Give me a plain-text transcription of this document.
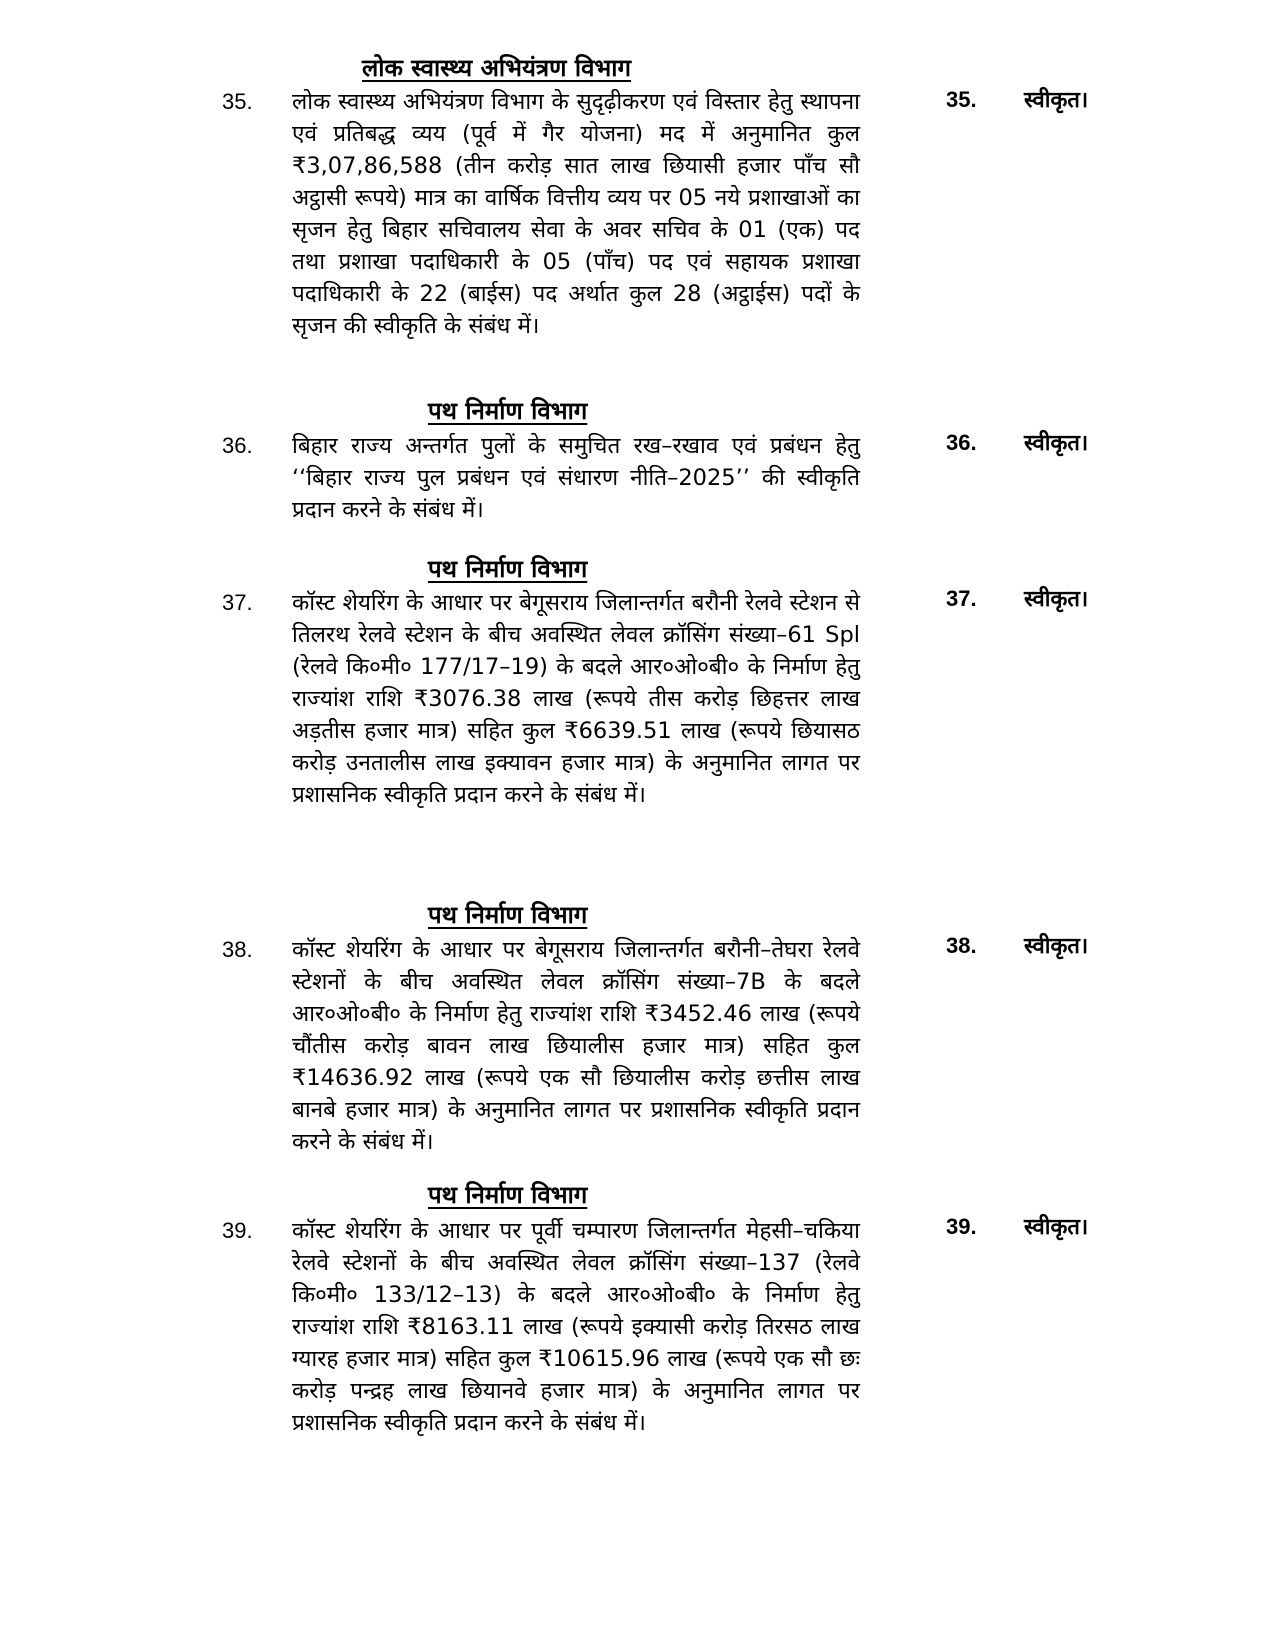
लोक स्वास्थ्य अभियंत्रण विभाग
35. लोक स्वास्थ्य अभियंत्रण विभाग के सुदृढ़ीकरण एवं विस्तार हेतु स्थापना एवं प्रतिबद्ध व्यय (पूर्व में गैर योजना) मद में अनुमानित कुल ₹3,07,86,588 (तीन करोड़ सात लाख छियासी हजार पाँच सौ अट्ठासी रूपये) मात्र का वार्षिक वित्तीय व्यय पर 05 नये प्रशाखाओं का सृजन हेतु बिहार सचिवालय सेवा के अवर सचिव के 01 (एक) पद तथा प्रशाखा पदाधिकारी के 05 (पाँच) पद एवं सहायक प्रशाखा पदाधिकारी के 22 (बाईस) पद अर्थात कुल 28 (अट्ठाईस) पदों के सृजन की स्वीकृति के संबंध में।
35. स्वीकृत।
पथ निर्माण विभाग
36. बिहार राज्य अन्तर्गत पुलों के समुचित रख–रखाव एवं प्रबंधन हेतु ‘‘बिहार राज्य पुल प्रबंधन एवं संधारण नीति–2025’’ की स्वीकृति प्रदान करने के संबंध में।
36. स्वीकृत।
पथ निर्माण विभाग
37. कॉस्ट शेयरिंग के आधार पर बेगूसराय जिलान्तर्गत बरौनी रेलवे स्टेशन से तिलरथ रेलवे स्टेशन के बीच अवस्थित लेवल क्रॉसिंग संख्या–61 Spl (रेलवे कि०मी० 177/17–19) के बदले आर०ओ०बी० के निर्माण हेतु राज्यांश राशि ₹3076.38 लाख (रूपये तीस करोड़ छिहत्तर लाख अड़तीस हजार मात्र) सहित कुल ₹6639.51 लाख (रूपये छियासठ करोड़ उनतालीस लाख इक्यावन हजार मात्र) के अनुमानित लागत पर प्रशासनिक स्वीकृति प्रदान करने के संबंध में।
37. स्वीकृत।
पथ निर्माण विभाग
38. कॉस्ट शेयरिंग के आधार पर बेगूसराय जिलान्तर्गत बरौनी–तेघरा रेलवे स्टेशनों के बीच अवस्थित लेवल क्रॉसिंग संख्या–7B के बदले आर०ओ०बी० के निर्माण हेतु राज्यांश राशि ₹3452.46 लाख (रूपये चौंतीस करोड़ बावन लाख छियालीस हजार मात्र) सहित कुल ₹14636.92 लाख (रूपये एक सौ छियालीस करोड़ छत्तीस लाख बानबे हजार मात्र) के अनुमानित लागत पर प्रशासनिक स्वीकृति प्रदान करने के संबंध में।
38. स्वीकृत।
पथ निर्माण विभाग
39. कॉस्ट शेयरिंग के आधार पर पूर्वी चम्पारण जिलान्तर्गत मेहसी–चकिया रेलवे स्टेशनों के बीच अवस्थित लेवल क्रॉसिंग संख्या–137 (रेलवे कि०मी० 133/12–13) के बदले आर०ओ०बी० के निर्माण हेतु राज्यांश राशि ₹8163.11 लाख (रूपये इक्यासी करोड़ तिरसठ लाख ग्यारह हजार मात्र) सहित कुल ₹10615.96 लाख (रूपये एक सौ छः करोड़ पन्द्रह लाख छियानवे हजार मात्र) के अनुमानित लागत पर प्रशासनिक स्वीकृति प्रदान करने के संबंध में।
39. स्वीकृत।
